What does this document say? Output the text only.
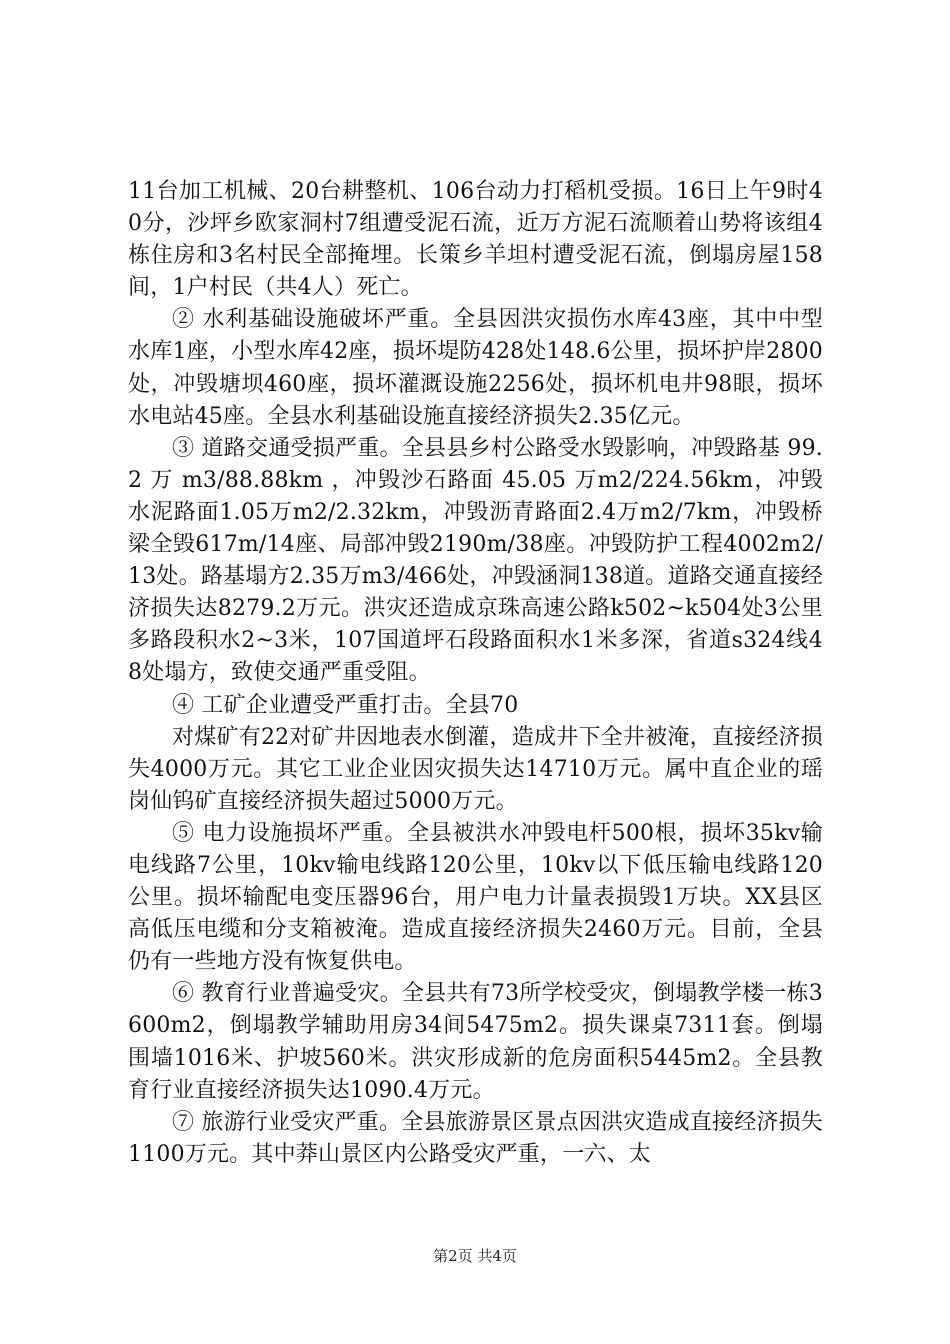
11台加工机械、20台耕整机、106台动力打稻机受损。16日上午9时40分，沙坪乡欧家洞村7组遭受泥石流，近万方泥石流顺着山势将该组4栋住房和3名村民全部掩埋。长策乡羊坦村遭受泥石流，倒塌房屋158间，1户村民（共4人）死亡。

② 水利基础设施破坏严重。全县因洪灾损伤水库43座，其中中型水库1座，小型水库42座，损坏堤防428处148.6公里，损坏护岸2800处，冲毁塘坝460座，损坏灌溉设施2256处，损坏机电井98眼，损坏水电站45座。全县水利基础设施直接经济损失2.35亿元。

③ 道路交通受损严重。全县县乡村公路受水毁影响，冲毁路基 99.2 万 m3/88.88km ，冲毁沙石路面 45.05 万m2/224.56km，冲毁水泥路面1.05万m2/2.32km，冲毁沥青路面2.4万m2/7km，冲毁桥梁全毁617m/14座、局部冲毁2190m/38座。冲毁防护工程4002m2/13处。路基塌方2.35万m3/466处，冲毁涵洞138道。道路交通直接经济损失达8279.2万元。洪灾还造成京珠高速公路k502~k504处3公里多路段积水2~3米，107国道坪石段路面积水1米多深，省道s324线48处塌方，致使交通严重受阻。

④ 工矿企业遭受严重打击。全县70

对煤矿有22对矿井因地表水倒灌，造成井下全井被淹，直接经济损失4000万元。其它工业企业因灾损失达14710万元。属中直企业的瑶岗仙钨矿直接经济损失超过5000万元。

⑤ 电力设施损坏严重。全县被洪水冲毁电杆500根，损坏35kv输电线路7公里，10kv输电线路120公里，10kv以下低压输电线路120公里。损坏输配电变压器96台，用户电力计量表损毁1万块。XX县区高低压电缆和分支箱被淹。造成直接经济损失2460万元。目前，全县仍有一些地方没有恢复供电。

⑥ 教育行业普遍受灾。全县共有73所学校受灾，倒塌教学楼一栋3600m2，倒塌教学辅助用房34间5475m2。损失课桌7311套。倒塌围墙1016米、护坡560米。洪灾形成新的危房面积5445m2。全县教育行业直接经济损失达1090.4万元。

⑦ 旅游行业受灾严重。全县旅游景区景点因洪灾造成直接经济损失1100万元。其中莽山景区内公路受灾严重，一六、太

第2页 共4页
